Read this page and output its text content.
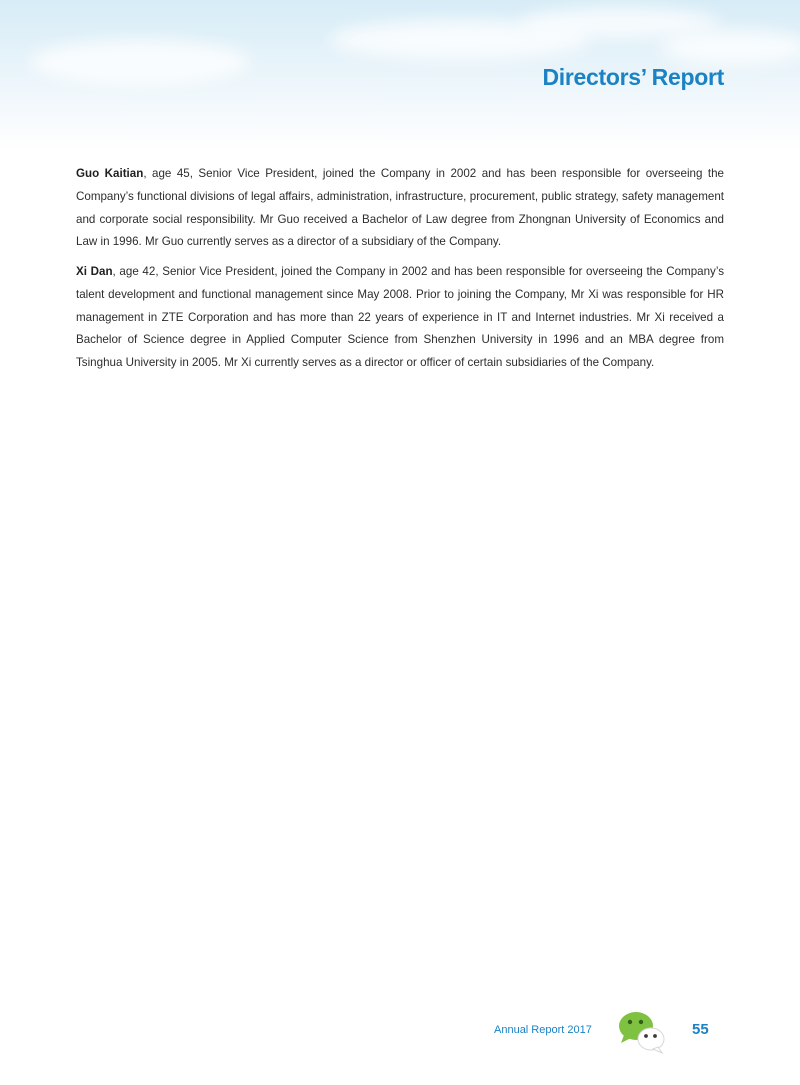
Directors’ Report

Guo Kaitian, age 45, Senior Vice President, joined the Company in 2002 and has been responsible for overseeing the Company’s functional divisions of legal affairs, administration, infrastructure, procurement, public strategy, safety management and corporate social responsibility. Mr Guo received a Bachelor of Law degree from Zhongnan University of Economics and Law in 1996. Mr Guo currently serves as a director of a subsidiary of the Company.

Xi Dan, age 42, Senior Vice President, joined the Company in 2002 and has been responsible for overseeing the Company’s talent development and functional management since May 2008. Prior to joining the Company, Mr Xi was responsible for HR management in ZTE Corporation and has more than 22 years of experience in IT and Internet industries. Mr Xi received a Bachelor of Science degree in Applied Computer Science from Shenzhen University in 1996 and an MBA degree from Tsinghua University in 2005. Mr Xi currently serves as a director or officer of certain subsidiaries of the Company.

Annual Report 2017	55
